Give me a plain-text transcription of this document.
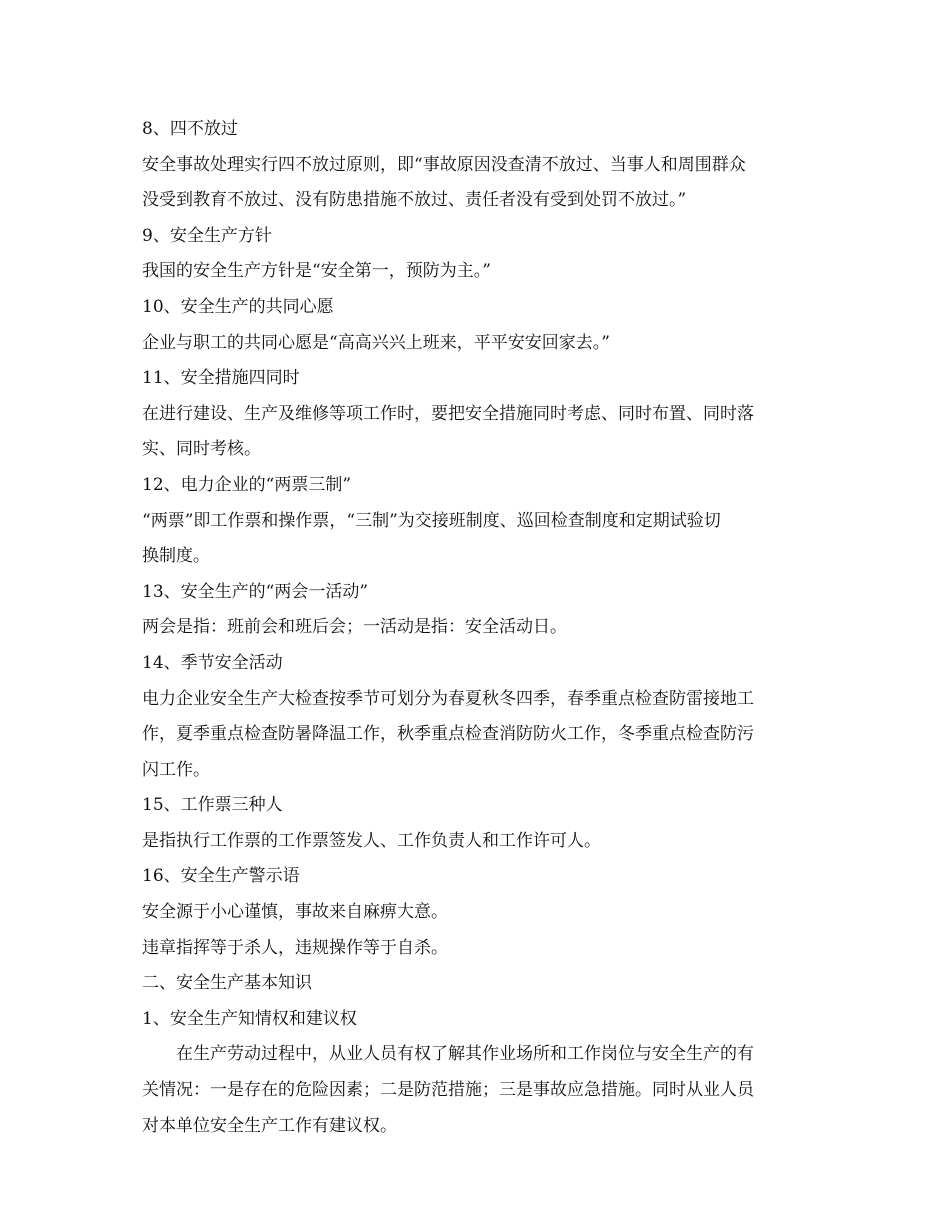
8、四不放过
安全事故处理实行四不放过原则，即“事故原因没查清不放过、当事人和周围群众
没受到教育不放过、没有防患措施不放过、责任者没有受到处罚不放过。”
9、安全生产方针
我国的安全生产方针是“安全第一，预防为主。”
10、安全生产的共同心愿
企业与职工的共同心愿是“高高兴兴上班来，平平安安回家去。”
11、安全措施四同时
在进行建设、生产及维修等项工作时，要把安全措施同时考虑、同时布置、同时落
实、同时考核。
12、电力企业的“两票三制”
“两票”即工作票和操作票，“三制”为交接班制度、巡回检查制度和定期试验切
换制度。
13、安全生产的“两会一活动”
两会是指：班前会和班后会；一活动是指：安全活动日。
14、季节安全活动
电力企业安全生产大检查按季节可划分为春夏秋冬四季，春季重点检查防雷接地工
作，夏季重点检查防暑降温工作，秋季重点检查消防防火工作，冬季重点检查防污
闪工作。
15、工作票三种人
是指执行工作票的工作票签发人、工作负责人和工作许可人。
16、安全生产警示语
安全源于小心谨慎，事故来自麻痹大意。
违章指挥等于杀人，违规操作等于自杀。
二、安全生产基本知识
1、安全生产知情权和建议权
在生产劳动过程中，从业人员有权了解其作业场所和工作岗位与安全生产的有
关情况：一是存在的危险因素；二是防范措施；三是事故应急措施。同时从业人员
对本单位安全生产工作有建议权。
